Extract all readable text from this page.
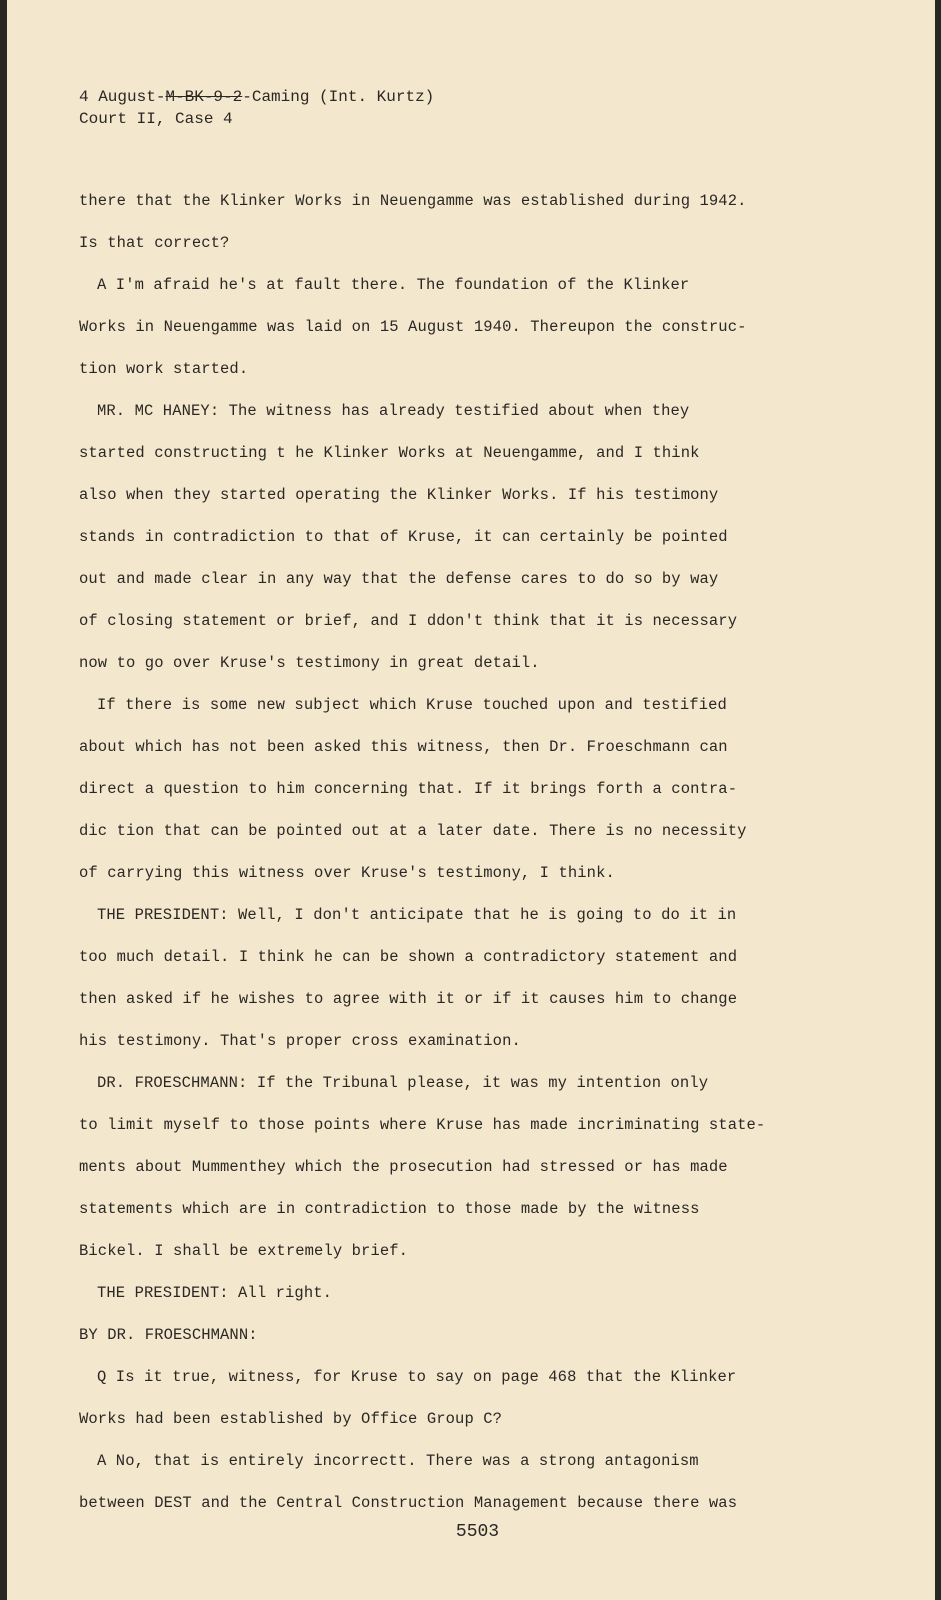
4 August-M-BK-9-2-Caming (Int. Kurtz)
Court II, Case 4
there that the Klinker Works in Neuengamme was established during 1942.
Is that correct?
A I'm afraid he's at fault there. The foundation of the Klinker
Works in Neuengamme was laid on 15 August 1940. Thereupon the construc-
tion work started.
MR. MC HANEY: The witness has already testified about when they
started constructing t he Klinker Works at Neuengamme, and I think
also when they started operating the Klinker Works. If his testimony
stands in contradiction to that of Kruse, it can certainly be pointed
out and made clear in any way that the defense cares to do so by way
of closing statement or brief, and I ddon't think that it is necessary
now to go over Kruse's testimony in great detail.
If there is some new subject which Kruse touched upon and testified
about which has not been asked this witness, then Dr. Froeschmann can
direct a question to him concerning that. If it brings forth a contra-
dic tion that can be pointed out at a later date. There is no necessity
of carrying this witness over Kruse's testimony, I think.
THE PRESIDENT: Well, I don't anticipate that he is going to do it in
too much detail. I think he can be shown a contradictory statement and
then asked if he wishes to agree with it or if it causes him to change
his testimony. That's proper cross examination.
DR. FROESCHMANN: If the Tribunal please, it was my intention only
to limit myself to those points where Kruse has made incriminating state-
ments about Mummenthey which the prosecution had stressed or has made
statements which are in contradiction to those made by the witness
Bickel. I shall be extremely brief.
THE PRESIDENT: All right.
BY DR. FROESCHMANN:
Q Is it true, witness, for Kruse to say on page 468 that the Klinker
Works had been established by Office Group C?
A No, that is entirely incorrectt. There was a strong antagonism
between DEST and the Central Construction Management because there was
5503
